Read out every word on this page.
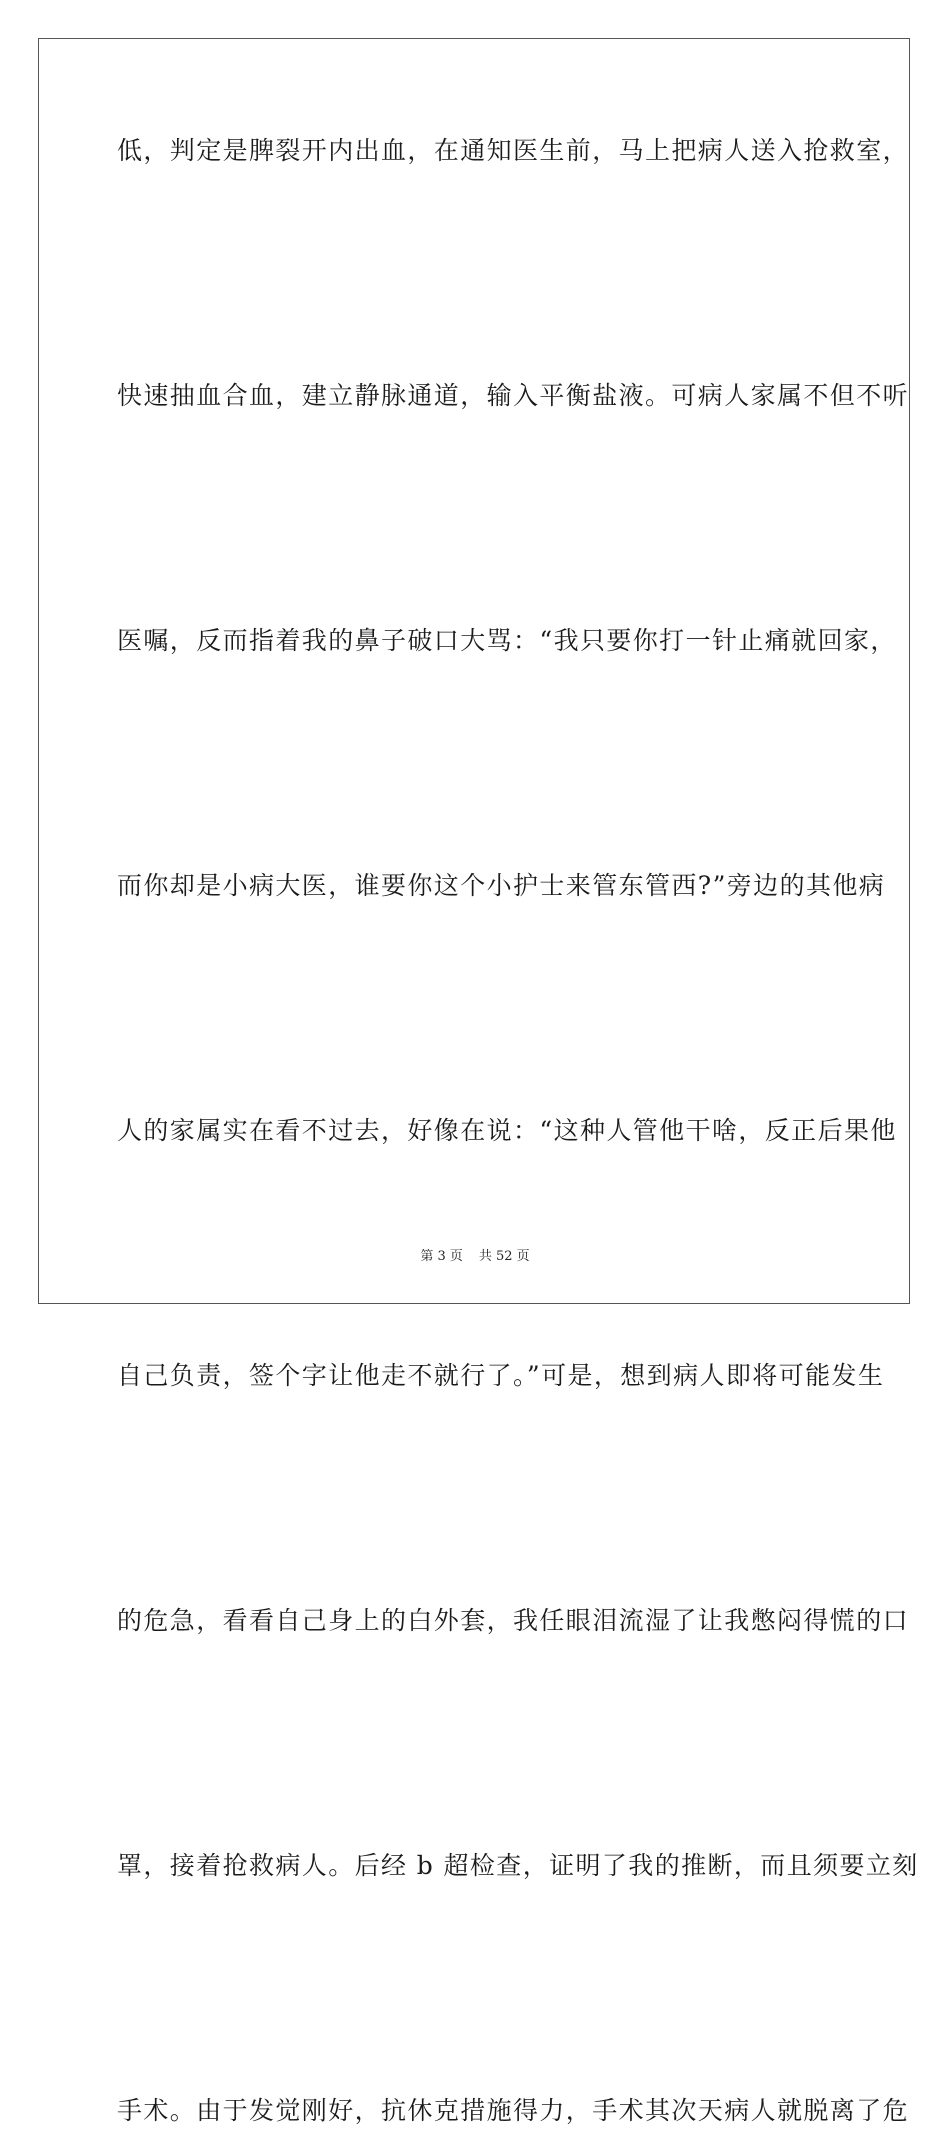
低，判定是脾裂开内出血，在通知医生前，马上把病人送入抢救室，
快速抽血合血，建立静脉通道，输入平衡盐液。可病人家属不但不听
医嘱，反而指着我的鼻子破口大骂：“我只要你打一针止痛就回家，
而你却是小病大医，谁要你这个小护士来管东管西?”旁边的其他病
人的家属实在看不过去，好像在说：“这种人管他干啥，反正后果他
自己负责，签个字让他走不就行了。”可是，想到病人即将可能发生
的危急，看看自己身上的白外套，我任眼泪流湿了让我憋闷得慌的口
罩，接着抢救病人。后经 b 超检查，证明了我的推断，而且须要立刻
手术。由于发觉刚好，抗休克措施得力，手术其次天病人就脱离了危
第 3 页 共 52 页
